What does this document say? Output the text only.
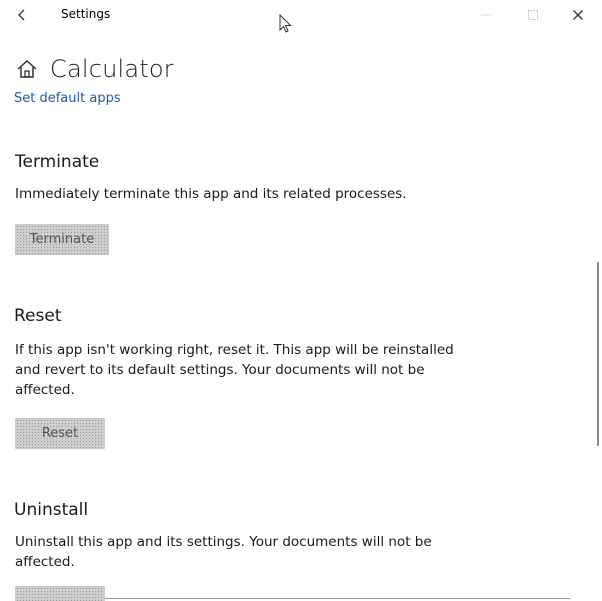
Settings
Calculator
Set default apps
Terminate
Immediately terminate this app and its related processes.
Terminate
Reset
If this app isn't working right, reset it. This app will be reinstalled and revert to its default settings. Your documents will not be affected.
Reset
Uninstall
Uninstall this app and its settings. Your documents will not be affected.
